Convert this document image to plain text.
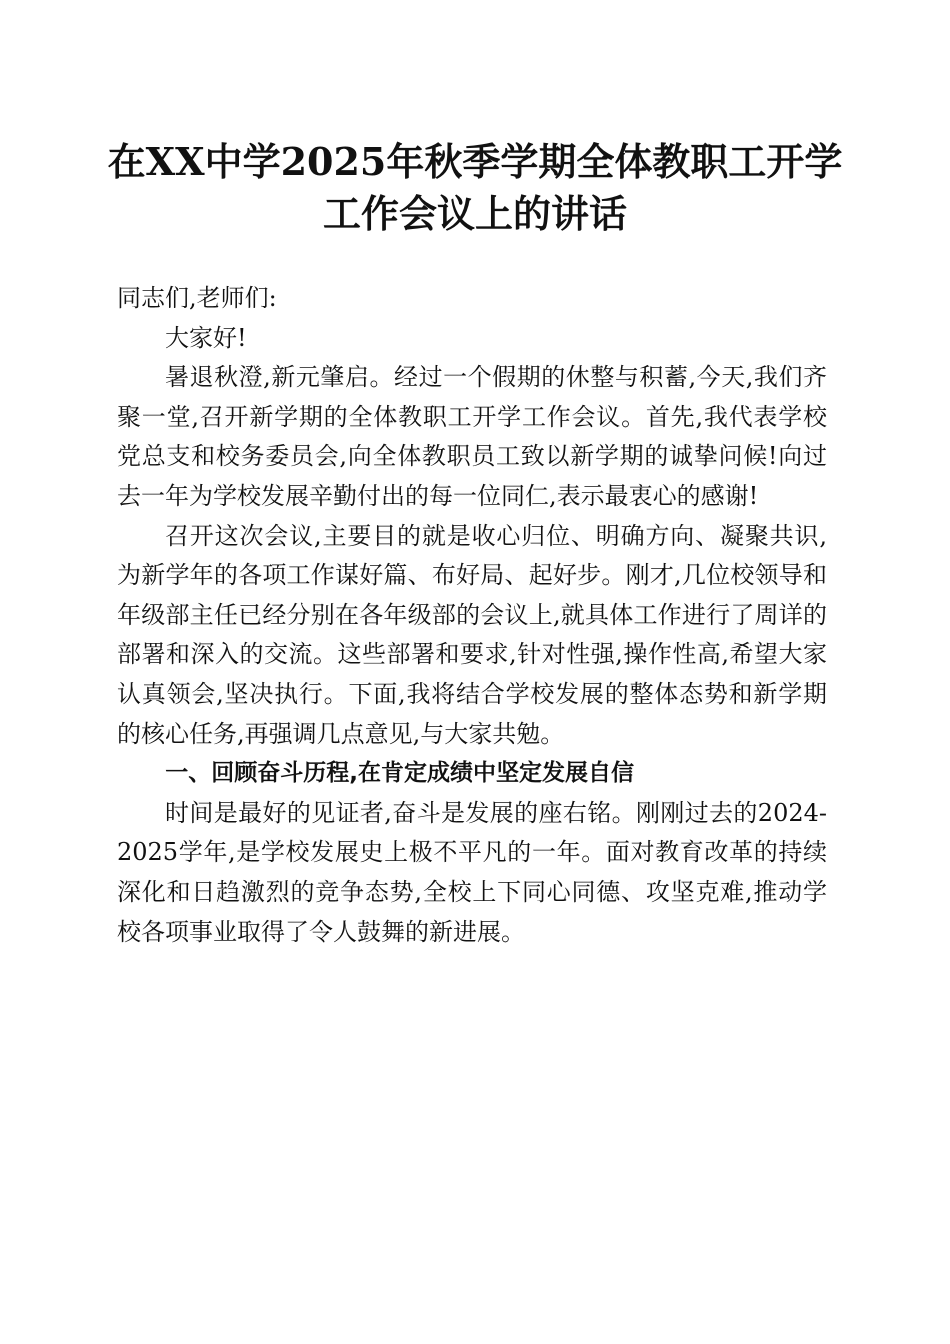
在XX中学2025年秋季学期全体教职工开学
工作会议上的讲话

同志们,老师们:

大家好!

暑退秋澄,新元肇启。经过一个假期的休整与积蓄,今天,我们齐聚一堂,召开新学期的全体教职工开学工作会议。首先,我代表学校党总支和校务委员会,向全体教职员工致以新学期的诚挚问候!向过去一年为学校发展辛勤付出的每一位同仁,表示最衷心的感谢!

召开这次会议,主要目的就是收心归位、明确方向、凝聚共识,为新学年的各项工作谋好篇、布好局、起好步。刚才,几位校领导和年级部主任已经分别在各年级部的会议上,就具体工作进行了周详的部署和深入的交流。这些部署和要求,针对性强,操作性高,希望大家认真领会,坚决执行。下面,我将结合学校发展的整体态势和新学期的核心任务,再强调几点意见,与大家共勉。

一、回顾奋斗历程,在肯定成绩中坚定发展自信

时间是最好的见证者,奋斗是发展的座右铭。刚刚过去的2024-2025学年,是学校发展史上极不平凡的一年。面对教育改革的持续深化和日趋激烈的竞争态势,全校上下同心同德、攻坚克难,推动学校各项事业取得了令人鼓舞的新进展。
